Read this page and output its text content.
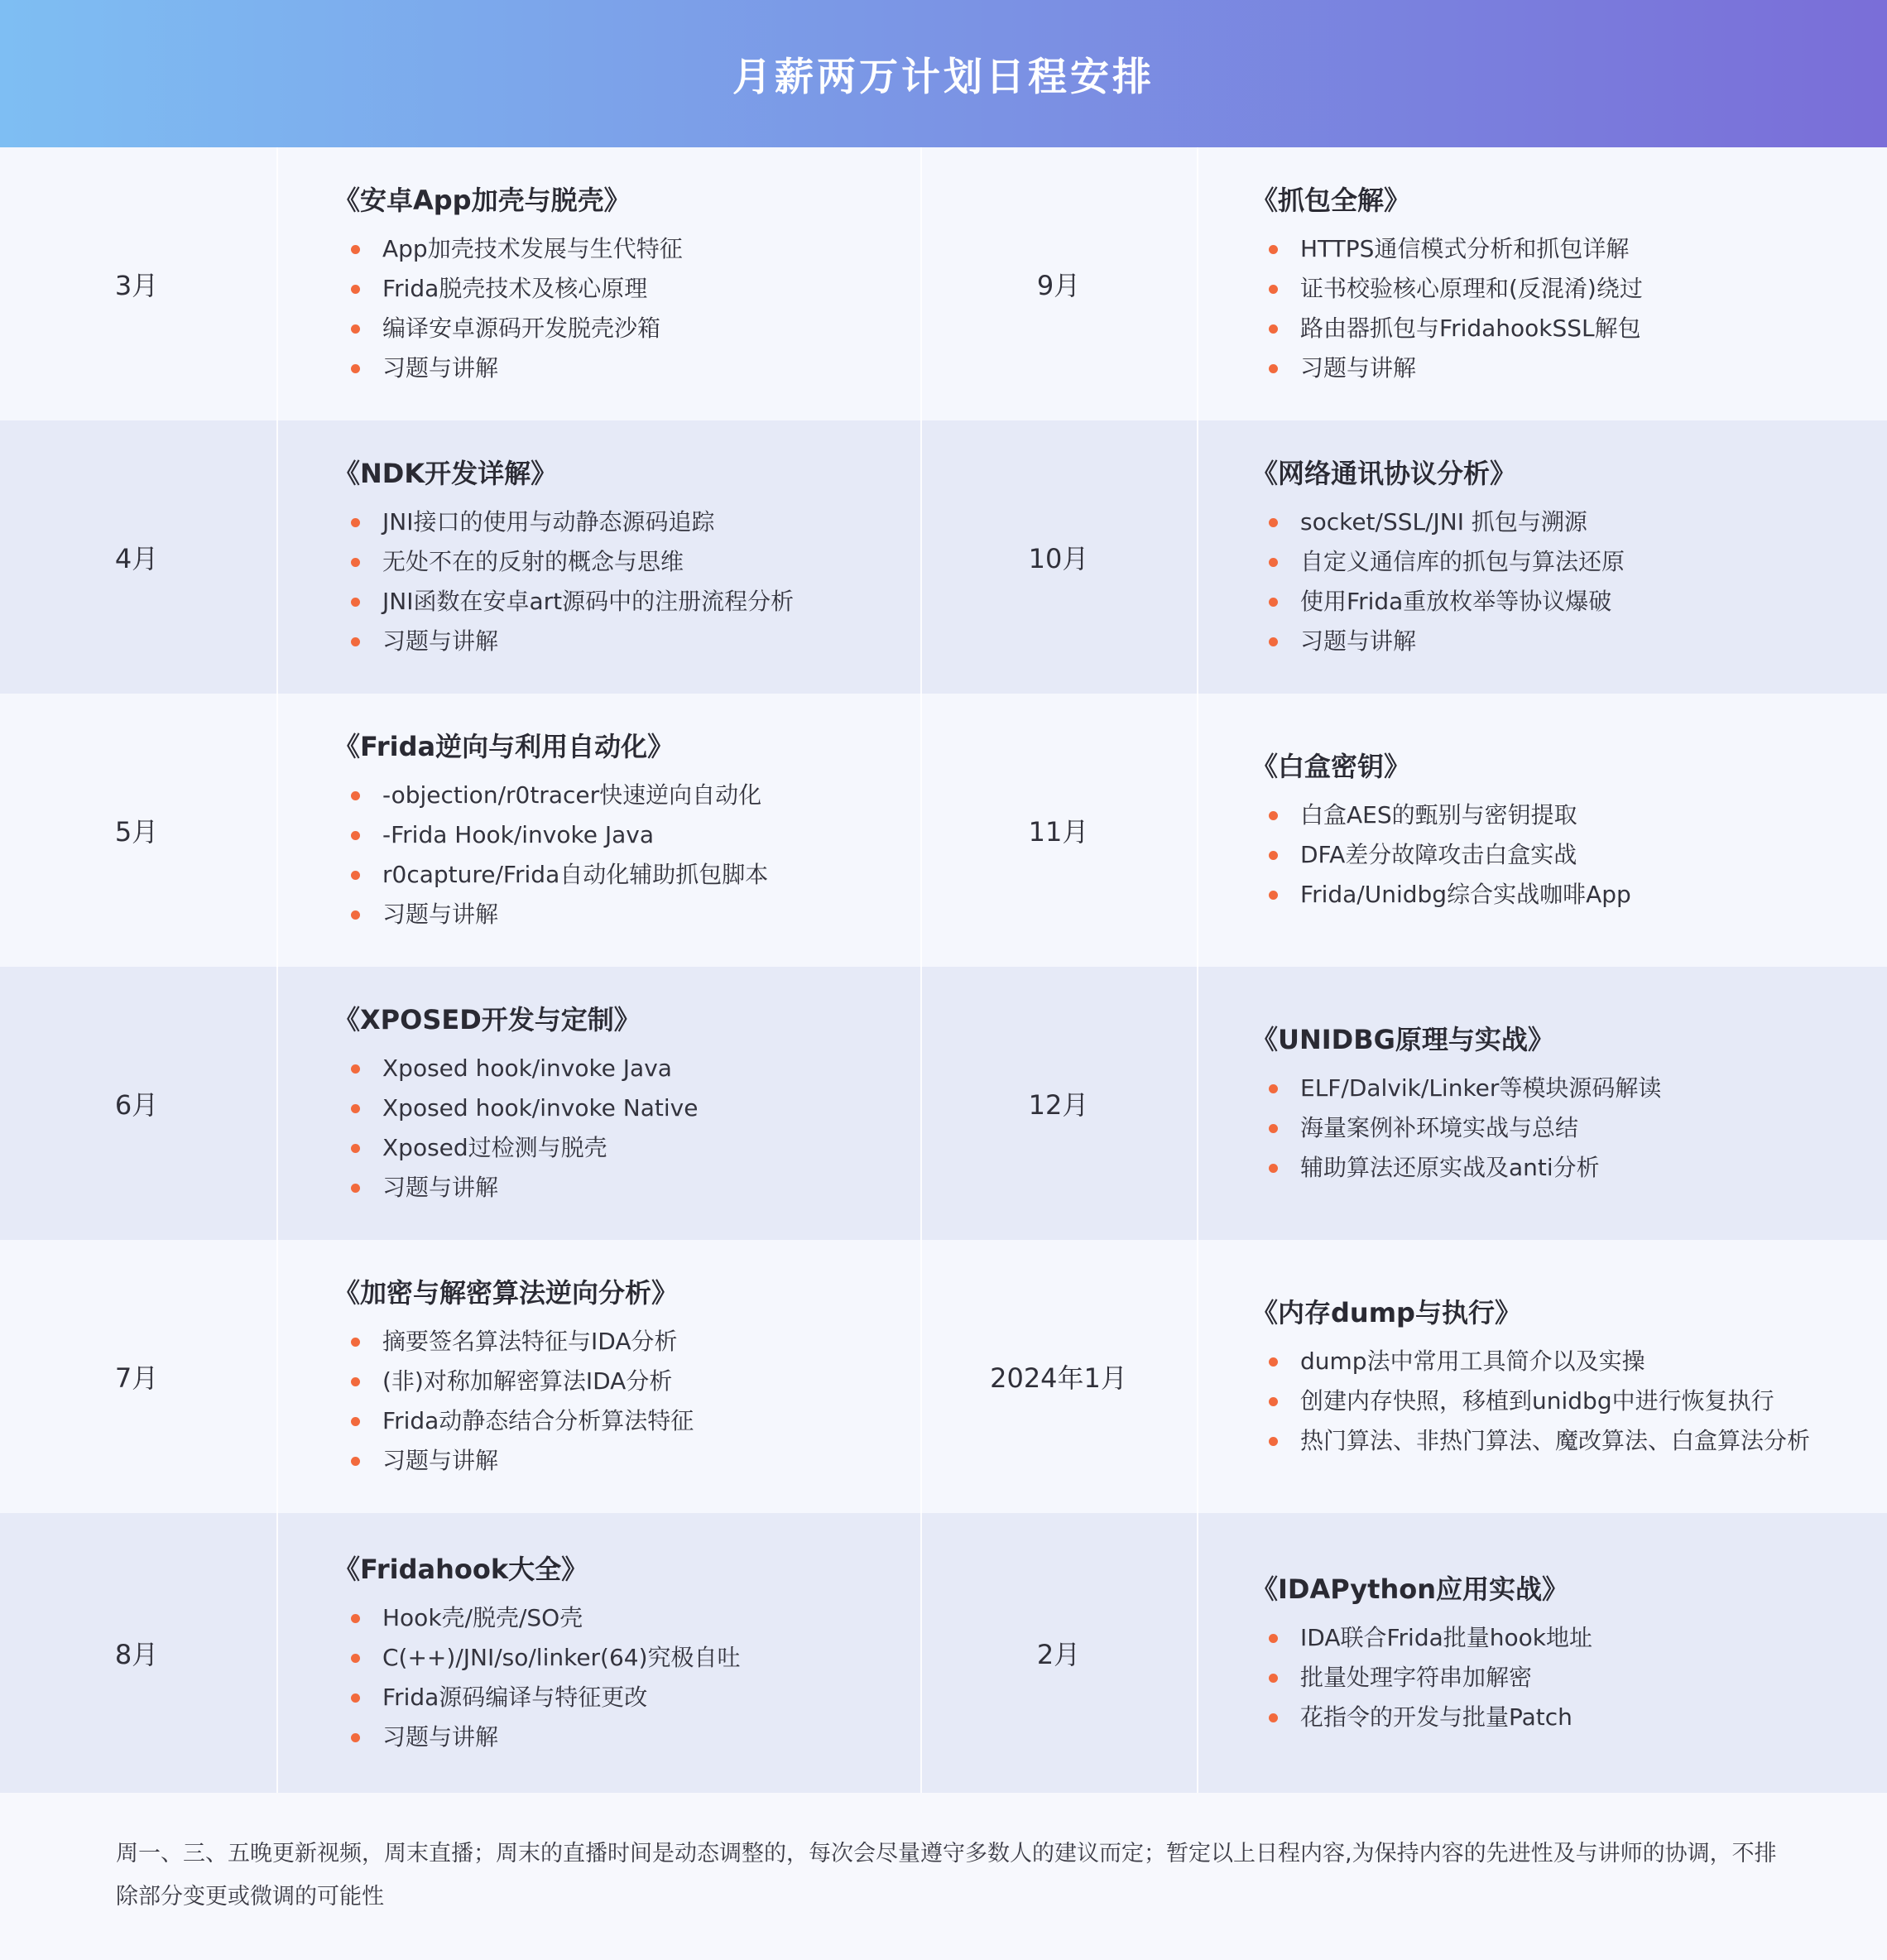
月薪两万计划日程安排
3月
《安卓App加壳与脱壳》
App加壳技术发展与生代特征
Frida脱壳技术及核心原理
编译安卓源码开发脱壳沙箱
习题与讲解
9月
《抓包全解》
HTTPS通信模式分析和抓包详解
证书校验核心原理和(反混淆)绕过
路由器抓包与FridahookSSL解包
习题与讲解
4月
《NDK开发详解》
JNI接口的使用与动静态源码追踪
无处不在的反射的概念与思维
JNI函数在安卓art源码中的注册流程分析
习题与讲解
10月
《网络通讯协议分析》
socket/SSL/JNI 抓包与溯源
自定义通信库的抓包与算法还原
使用Frida重放枚举等协议爆破
习题与讲解
5月
《Frida逆向与利用自动化》
-objection/r0tracer快速逆向自动化
-Frida Hook/invoke Java
r0capture/Frida自动化辅助抓包脚本
习题与讲解
11月
《白盒密钥》
白盒AES的甄别与密钥提取
DFA差分故障攻击白盒实战
Frida/Unidbg综合实战咖啡App
6月
《XPOSED开发与定制》
Xposed hook/invoke Java
Xposed hook/invoke Native
Xposed过检测与脱壳
习题与讲解
12月
《UNIDBG原理与实战》
ELF/Dalvik/Linker等模块源码解读
海量案例补环境实战与总结
辅助算法还原实战及anti分析
7月
《加密与解密算法逆向分析》
摘要签名算法特征与IDA分析
(非)对称加解密算法IDA分析
Frida动静态结合分析算法特征
习题与讲解
2024年1月
《内存dump与执行》
dump法中常用工具简介以及实操
创建内存快照，移植到unidbg中进行恢复执行
热门算法、非热门算法、魔改算法、白盒算法分析
8月
《Fridahook大全》
Hook壳/脱壳/SO壳
C(++)/JNI/so/linker(64)究极自吐
Frida源码编译与特征更改
习题与讲解
2月
《IDAPython应用实战》
IDA联合Frida批量hook地址
批量处理字符串加解密
花指令的开发与批量Patch
周一、三、五晚更新视频，周末直播；周末的直播时间是动态调整的，每次会尽量遵守多数人的建议而定；暂定以上日程内容,为保持内容的先进性及与讲师的协调，不排除部分变更或微调的可能性
